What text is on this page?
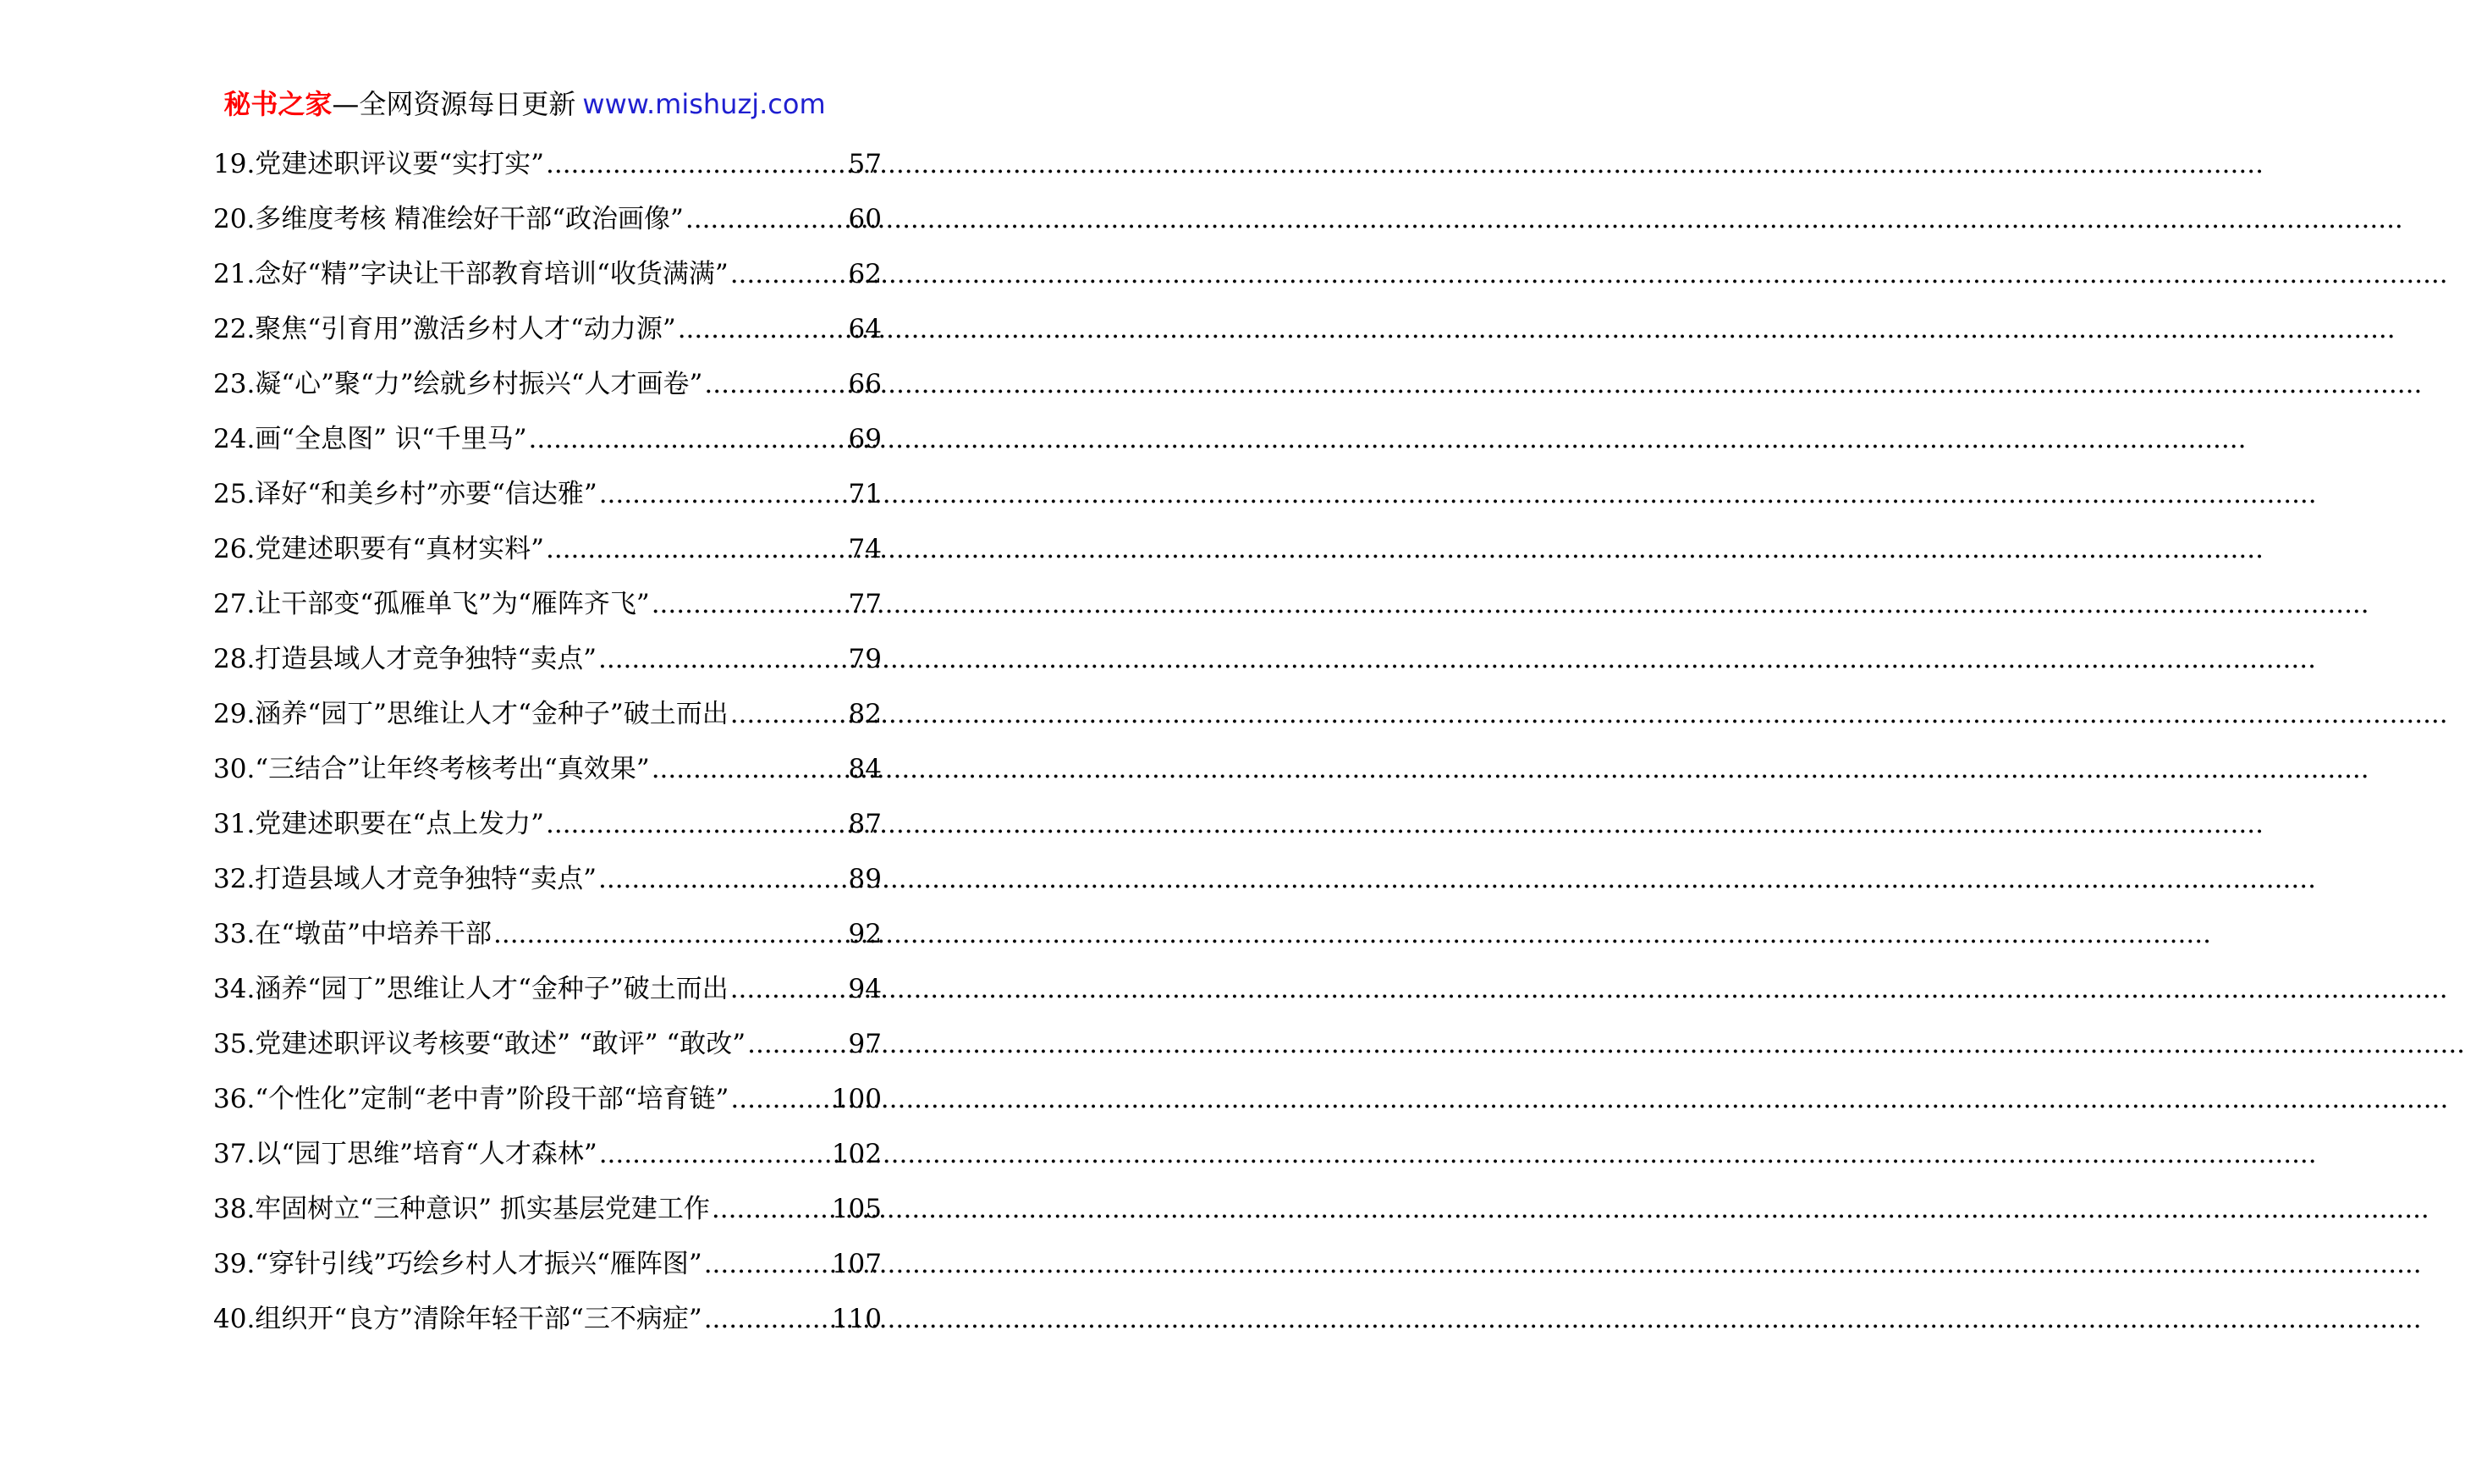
秘书之家—全网资源每日更新 www.mishuzj.com
19.党建述职评议要“实打实” .....	57
20.多维度考核 精准绘好干部“政治画像” .....	60
21.念好“精”字诀让干部教育培训“收货满满” .....	62
22.聚焦“引育用”激活乡村人才“动力源” .....	64
23.凝“心”聚“力”绘就乡村振兴“人才画卷” .....	66
24.画“全息图” 识“千里马” .....	69
25.译好“和美乡村”亦要“信达雅” .....	71
26.党建述职要有“真材实料” .....	74
27.让干部变“孤雁单飞”为“雁阵齐飞” .....	77
28.打造县域人才竞争独特“卖点” .....	79
29.涵养“园丁”思维让人才“金种子”破土而出 .....	82
30.“三结合”让年终考核考出“真效果” .....	84
31.党建述职要在“点上发力” .....	87
32.打造县域人才竞争独特“卖点” .....	89
33.在“墩苗”中培养干部 .....	92
34.涵养“园丁”思维让人才“金种子”破土而出 .....	94
35.党建述职评议考核要“敢述” “敢评” “敢改” .....	97
36.“个性化”定制“老中青”阶段干部“培育链” .....	100
37.以“园丁思维”培育“人才森林” .....	102
38.牢固树立“三种意识” 抓实基层党建工作 .....	105
39.“穿针引线”巧绘乡村人才振兴“雁阵图” .....	107
40.组织开“良方”清除年轻干部“三不病症” .....	110
